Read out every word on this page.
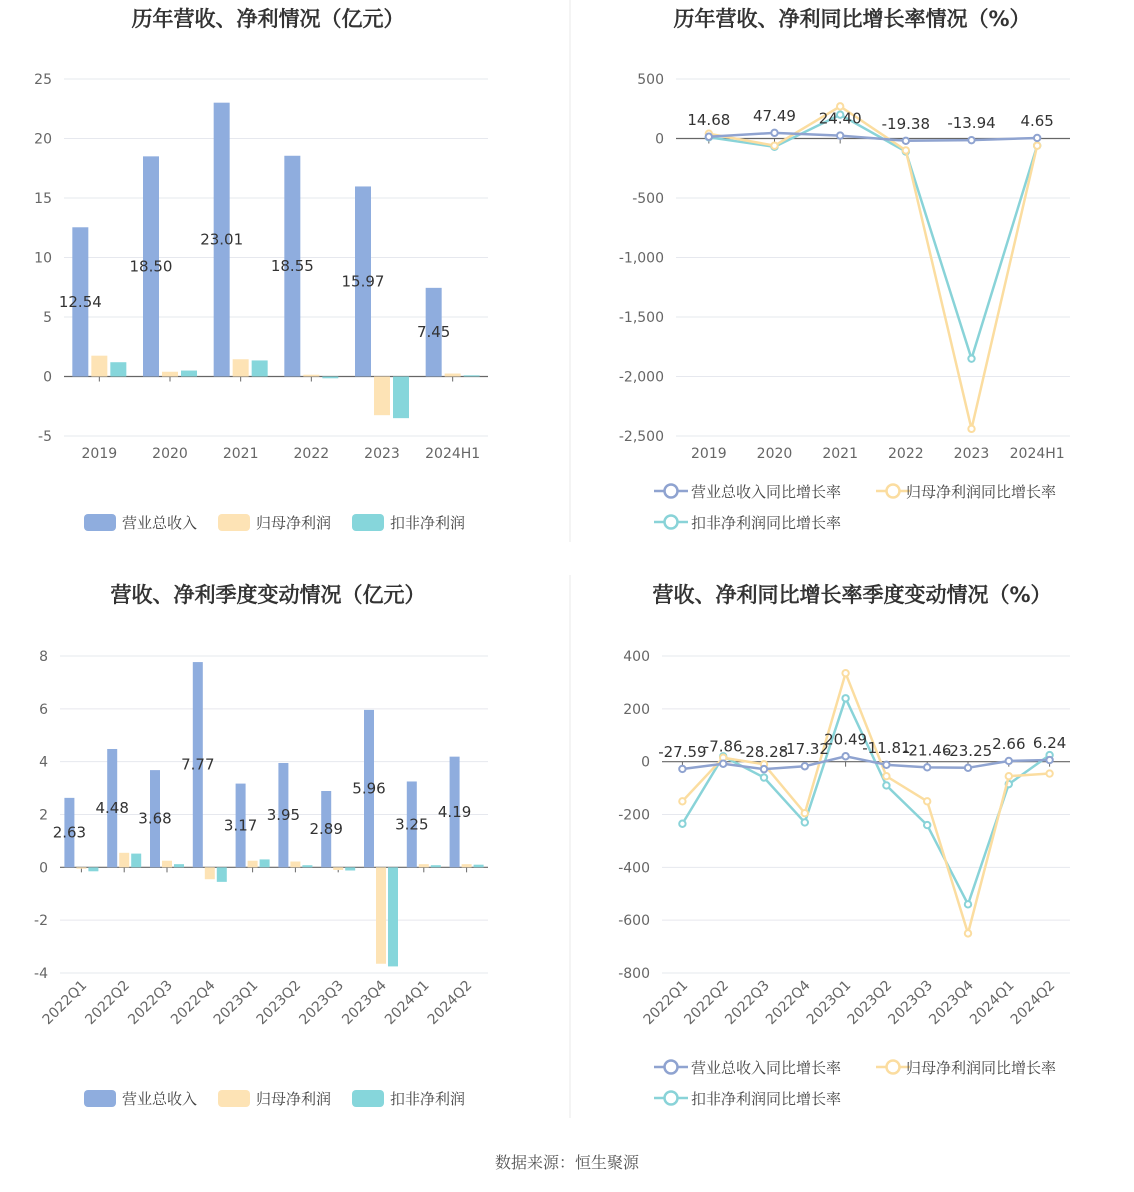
历年营收、净利情况（亿元）
-5
0
5
10
15
20
25
2019	2020	2021	2022	2023 2024H1
12.54
18.50
23.01
18.55
15.97
7.45
营业总收入	归母净利润	扣非净利润
历年营收、净利同比增长率情况（%）
-2,500
-2,000
-1,500
-1,000
-500
0
500
2019 2020 2021 2022 2023 2024H1
14.68 47.49 24.40 -19.38 -13.94 4.65
营业总收入同比增长率	归母净利润同比增长率
扣非净利润同比增长率
营收、净利季度变动情况（亿元）
-4
-2
0
2
4
6
8
2022Q1
2022Q2
2022Q3
2022Q4
2023Q1
2023Q2
2023Q3
2023Q4
2024Q1
2024Q2
2.63
4.48
3.68
7.77
3.17
3.95
2.89
5.96
3.25
4.19
营业总收入	归母净利润	扣非净利润
营收、净利同比增长率季度变动情况（%）
-800
-600
-400
-200
0
200
400
2022Q1
2022Q2
2022Q3
2022Q4
2023Q1
2023Q2
2023Q3
2023Q4
2024Q1
2024Q2
-27.59
-7.86
-28.28
-17.32
20.49
-11.81
-21.46
-23.25 2.66 6.24
营业总收入同比增长率	归母净利润同比增长率
扣非净利润同比增长率
数据来源：恒生聚源
